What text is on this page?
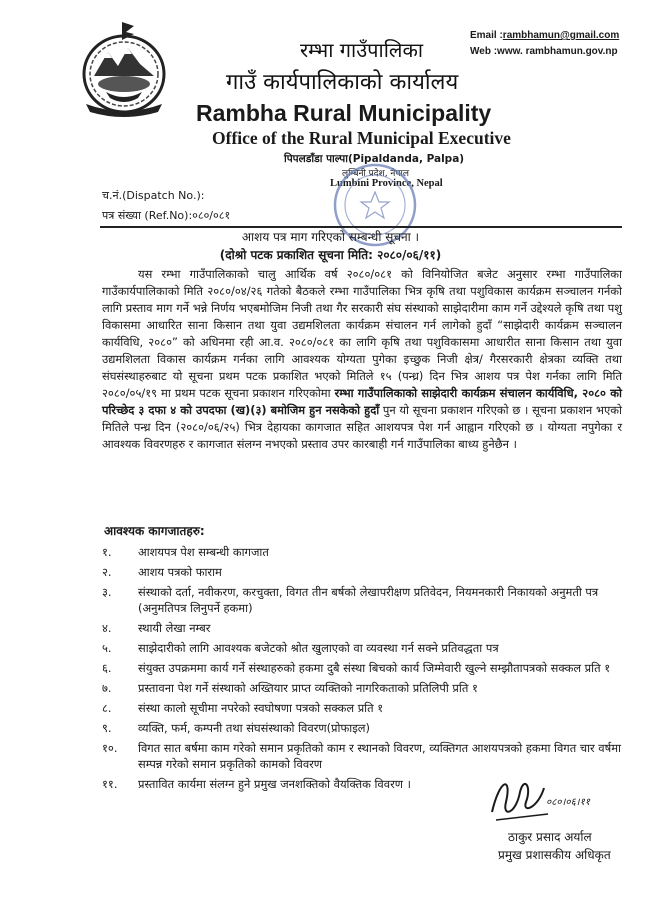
Email :rambhamun@gmail.com
Web :www. rambhamun.gov.np
रम्भा गाउँपालिका
गाउँ कार्यपालिकाको कार्यालय
Rambha Rural Municipality
Office of the Rural Municipal Executive
पिपलडाँडा पाल्पा(Pipaldanda, Palpa)
लुम्बिनी प्रदेश, नेपाल
Lumbini Province, Nepal
च.नं.(Dispatch No.):
पत्र संख्या (Ref.No):०८०/०८१
आशय पत्र माग गरिएको सम्बन्धी सूचना ।
(दोश्रो पटक प्रकाशित सूचना मिति: २०८०/०६/११)
यस रम्भा गाउँपालिकाको चालु आर्थिक वर्ष २०८०/०८१ को विनियोजित बजेट अनुसार रम्भा गाउँपालिका गाउँकार्यपालिकाको मिति २०८०/०४/२६ गतेको बैठकले रम्भा गाउँपालिका भित्र कृषि तथा पशुविकास कार्यक्रम सञ्चालन गर्नको लागि प्रस्ताव माग गर्ने भन्ने निर्णय भएबमोजिम निजी तथा गैर सरकारी संघ संस्थाको साझेदारीमा काम गर्ने उद्देश्यले कृषि तथा पशु विकासमा आधारित साना किसान तथा युवा उद्यमशिलता कार्यक्रम संचालन गर्न लागेको हुदाँ “साझेदारी कार्यक्रम सञ्चालन कार्यविधि, २०८०” को अधिनमा रही आ.व. २०८०/०८१ का लागि कृषि तथा पशुविकासमा आधारीत साना किसान तथा युवा उद्यमशिलता विकास कार्यक्रम गर्नका लागि आवश्यक योग्यता पुगेका इच्छुक निजी क्षेत्र/ गैरसरकारी क्षेत्रका व्यक्ति तथा संघसंस्थाहरुबाट यो सूचना प्रथम पटक प्रकाशित भएको मितिले १५ (पन्ध्र) दिन भित्र आशय पत्र पेश गर्नका लागि मिति २०८०/०५/१९ मा प्रथम पटक सूचना प्रकाशन गरिएकोमा रम्भा गाउँपालिकाको साझेदारी कार्यक्रम संचालन कार्यविधि, २०८० को परिच्छेद ३ दफा ४ को उपदफा (ख)(३) बमोजिम हुन नसकेको हुदाँ पुन यो सूचना प्रकाशन गरिएको छ । सूचना प्रकाशन भएको मितिले पन्ध्र दिन (२०८०/०६/२५) भित्र देहायका कागजात सहित आशयपत्र पेश गर्न आह्वान गरिएको छ । योग्यता नपुगेका र आवश्यक विवरणहरु र कागजात संलग्न नभएको प्रस्ताव उपर कारबाही गर्न गाउँपालिका बाध्य हुनेछैन ।
आवश्यक कागजातहरु:
१.	आशयपत्र पेश सम्बन्धी कागजात
२.	आशय पत्रको फाराम
३.	संस्थाको दर्ता, नवीकरण, करचुक्ता, विगत तीन बर्षको लेखापरीक्षण प्रतिवेदन, नियमनकारी निकायको अनुमती पत्र (अनुमतिपत्र लिनुपर्ने हकमा)
४.	स्थायी लेखा नम्बर
५.	साझेदारीको लागि आवश्यक बजेटको श्रोत खुलाएको वा व्यवस्था गर्न सक्ने प्रतिवद्धता पत्र
६.	संयुक्त उपक्रममा कार्य गर्ने संस्थाहरुको हकमा दुबै संस्था बिचको कार्य जिम्मेवारी खुल्ने सम्झौतापत्रको सक्कल प्रति १
७.	प्रस्तावना पेश गर्ने संस्थाको अख्तियार प्राप्त व्यक्तिको नागरिकताको प्रतिलिपी प्रति १
८.	संस्था कालो सूचीमा नपरेको स्वघोषणा पत्रको सक्कल प्रति १
९.	व्यक्ति, फर्म, कम्पनी तथा संघसंस्थाको विवरण(प्रोफाइल)
१०.	विगत सात बर्षमा काम गरेको समान प्रकृतिको काम र स्थानको विवरण, व्यक्तिगत आशयपत्रको हकमा विगत चार वर्षमा सम्पन्न गरेको समान प्रकृतिको कामको विवरण
११.	प्रस्तावित कार्यमा संलग्न हुने प्रमुख जनशक्तिको वैयक्तिक विवरण ।
०८०।०६।११
ठाकुर प्रसाद अर्याल
प्रमुख प्रशासकीय अधिकृत
